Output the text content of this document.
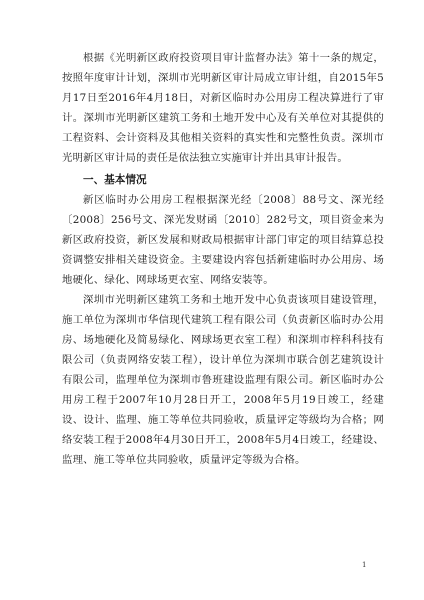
根据《光明新区政府投资项目审计监督办法》第十一条的规定，按照年度审计计划，深圳市光明新区审计局成立审计组，自2015年5月17日至2016年4月18日，对新区临时办公用房工程决算进行了审计。深圳市光明新区建筑工务和土地开发中心及有关单位对其提供的工程资料、会计资料及其他相关资料的真实性和完整性负责。深圳市光明新区审计局的责任是依法独立实施审计并出具审计报告。

一、基本情况

新区临时办公用房工程根据深光经〔2008〕88号文、深光经〔2008〕256号文、深光发财函〔2010〕282号文，项目资金来为新区政府投资，新区发展和财政局根据审计部门审定的项目结算总投资调整安排相关建设资金。主要建设内容包括新建临时办公用房、场地硬化、绿化、网球场更衣室、网络安装等。

深圳市光明新区建筑工务和土地开发中心负责该项目建设管理，施工单位为深圳市华信现代建筑工程有限公司（负责新区临时办公用房、场地硬化及简易绿化、网球场更衣室工程）和深圳市梓科科技有限公司（负责网络安装工程），设计单位为深圳市联合创艺建筑设计有限公司，监理单位为深圳市鲁班建设监理有限公司。新区临时办公用房工程于2007年10月28日开工，2008年5月19日竣工，经建设、设计、监理、施工等单位共同验收，质量评定等级均为合格；网络安装工程于2008年4月30日开工，2008年5月4日竣工，经建设、监理、施工等单位共同验收，质量评定等级为合格。

1
